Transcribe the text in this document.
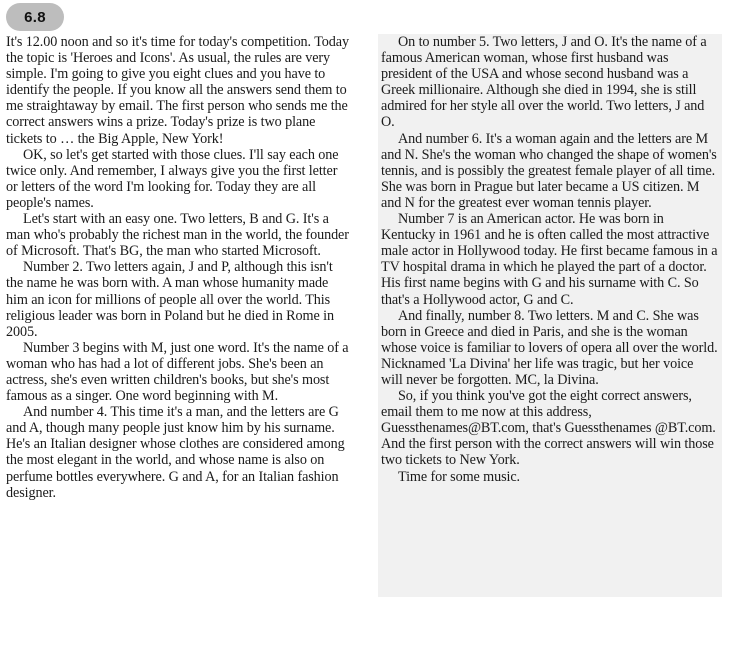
6.8

It's 12.00 noon and so it's time for today's competition. Today the topic is 'Heroes and Icons'. As usual, the rules are very simple. I'm going to give you eight clues and you have to identify the people. If you know all the answers send them to me straightaway by email. The first person who sends me the correct answers wins a prize. Today's prize is two plane tickets to … the Big Apple, New York!

OK, so let's get started with those clues. I'll say each one twice only. And remember, I always give you the first letter or letters of the word I'm looking for. Today they are all people's names.

Let's start with an easy one. Two letters, B and G. It's a man who's probably the richest man in the world, the founder of Microsoft. That's BG, the man who started Microsoft.

Number 2. Two letters again, J and P, although this isn't the name he was born with. A man whose humanity made him an icon for millions of people all over the world. This religious leader was born in Poland but he died in Rome in 2005.

Number 3 begins with M, just one word. It's the name of a woman who has had a lot of different jobs. She's been an actress, she's even written children's books, but she's most famous as a singer. One word beginning with M.

And number 4. This time it's a man, and the letters are G and A, though many people just know him by his surname. He's an Italian designer whose clothes are considered among the most elegant in the world, and whose name is also on perfume bottles everywhere. G and A, for an Italian fashion designer.

On to number 5. Two letters, J and O. It's the name of a famous American woman, whose first husband was president of the USA and whose second husband was a Greek millionaire. Although she died in 1994, she is still admired for her style all over the world. Two letters, J and O.

And number 6. It's a woman again and the letters are M and N. She's the woman who changed the shape of women's tennis, and is possibly the greatest female player of all time. She was born in Prague but later became a US citizen. M and N for the greatest ever woman tennis player.

Number 7 is an American actor. He was born in Kentucky in 1961 and he is often called the most attractive male actor in Hollywood today. He first became famous in a TV hospital drama in which he played the part of a doctor. His first name begins with G and his surname with C. So that's a Hollywood actor, G and C.

And finally, number 8. Two letters. M and C. She was born in Greece and died in Paris, and she is the woman whose voice is familiar to lovers of opera all over the world. Nicknamed 'La Divina' her life was tragic, but her voice will never be forgotten. MC, la Divina.

So, if you think you've got the eight correct answers, email them to me now at this address, Guessthenames@BT.com, that's Guessthenames @BT.com. And the first person with the correct answers will win those two tickets to New York.

Time for some music.
